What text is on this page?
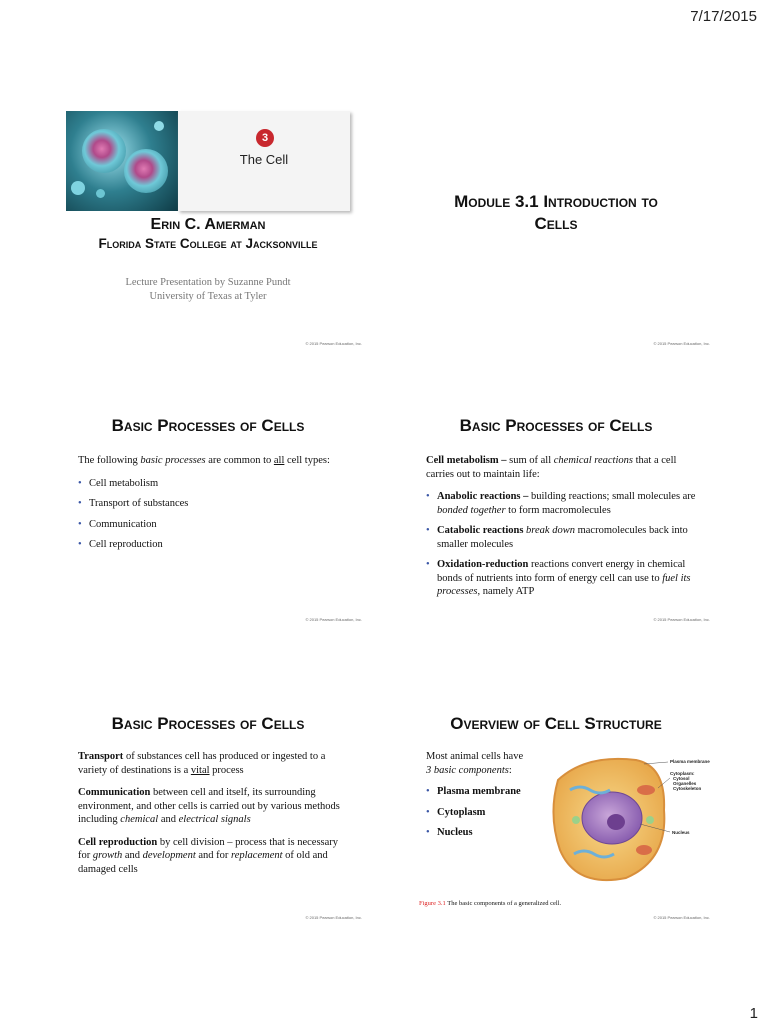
7/17/2015
3
The Cell
Erin C. Amerman
Florida State College at Jacksonville
Lecture Presentation by Suzanne Pundt
University of Texas at Tyler
© 2015 Pearson Education, Inc.
Module 3.1 Introduction to
Cells
© 2015 Pearson Education, Inc.
Basic Processes of Cells

The following basic processes are common to all cell types:

• Cell metabolism
• Transport of substances
• Communication
• Cell reproduction
© 2015 Pearson Education, Inc.
Basic Processes of Cells

Cell metabolism – sum of all chemical reactions that a cell carries out to maintain life:

• Anabolic reactions – building reactions; small molecules are bonded together to form macromolecules
• Catabolic reactions break down macromolecules back into smaller molecules
• Oxidation-reduction reactions convert energy in chemical bonds of nutrients into form of energy cell can use to fuel its processes, namely ATP
© 2015 Pearson Education, Inc.
Basic Processes of Cells

Transport of substances cell has produced or ingested to a variety of destinations is a vital process

Communication between cell and itself, its surrounding environment, and other cells is carried out by various methods including chemical and electrical signals

Cell reproduction by cell division – process that is necessary for growth and development and for replacement of old and damaged cells

© 2015 Pearson Education, Inc.
Overview of Cell Structure
Most animal cells have
3 basic components:
• Plasma membrane
• Cytoplasm
• Nucleus
Plasma membrane
Cytoplasm:
Cytosol
Organelles
Cytoskeleton
Nucleus
Figure 3.1 The basic components of a generalized cell.
© 2015 Pearson Education, Inc.
1
